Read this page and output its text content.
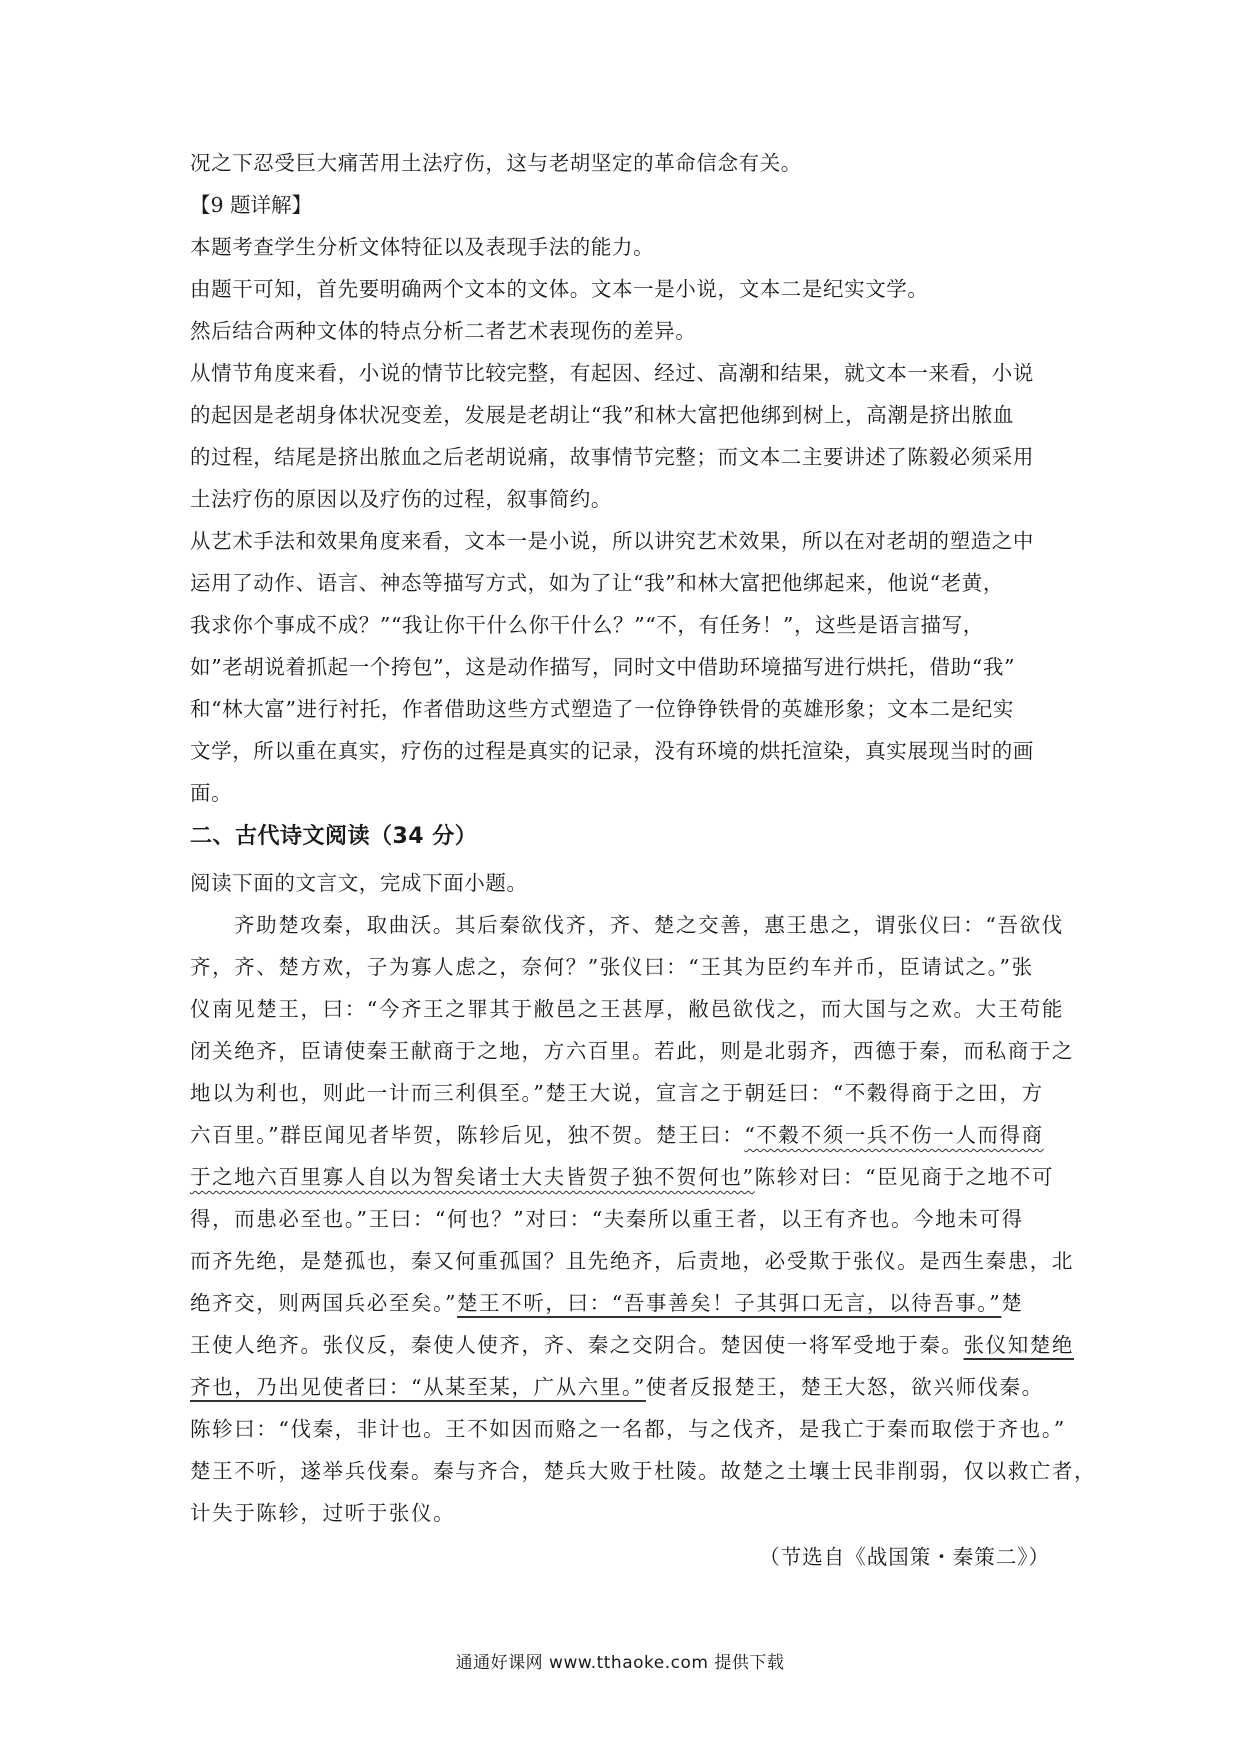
况之下忍受巨大痛苦用土法疗伤，这与老胡坚定的革命信念有关。
【9 题详解】
本题考查学生分析文体特征以及表现手法的能力。
由题干可知，首先要明确两个文本的文体。文本一是小说，文本二是纪实文学。
然后结合两种文体的特点分析二者艺术表现伤的差异。
从情节角度来看，小说的情节比较完整，有起因、经过、高潮和结果，就文本一来看，小说
的起因是老胡身体状况变差，发展是老胡让“我”和林大富把他绑到树上，高潮是挤出脓血
的过程，结尾是挤出脓血之后老胡说痛，故事情节完整；而文本二主要讲述了陈毅必须采用
土法疗伤的原因以及疗伤的过程，叙事简约。
从艺术手法和效果角度来看，文本一是小说，所以讲究艺术效果，所以在对老胡的塑造之中
运用了动作、语言、神态等描写方式，如为了让“我”和林大富把他绑起来，他说“老黄，
我求你个事成不成？”“我让你干什么你干什么？”“不，有任务！”，这些是语言描写，
如”老胡说着抓起一个挎包”，这是动作描写，同时文中借助环境描写进行烘托，借助“我”
和“林大富”进行衬托，作者借助这些方式塑造了一位铮铮铁骨的英雄形象；文本二是纪实
文学，所以重在真实，疗伤的过程是真实的记录，没有环境的烘托渲染，真实展现当时的画
面。
二、古代诗文阅读（34 分）
阅读下面的文言文，完成下面小题。
齐助楚攻秦，取曲沃。其后秦欲伐齐，齐、楚之交善，惠王患之，谓张仪曰：“吾欲伐
齐，齐、楚方欢，子为寡人虑之，奈何？”张仪曰：“王其为臣约车并币，臣请试之。”张
仪南见楚王，曰：“今齐王之罪其于敝邑之王甚厚，敝邑欲伐之，而大国与之欢。大王苟能
闭关绝齐，臣请使秦王献商于之地，方六百里。若此，则是北弱齐，西德于秦，而私商于之
地以为利也，则此一计而三利俱至。”楚王大说，宣言之于朝廷曰：“不穀得商于之田，方
六百里。”群臣闻见者毕贺，陈轸后见，独不贺。楚王曰：“不穀不须一兵不伤一人而得商
于之地六百里寡人自以为智矣诸士大夫皆贺子独不贺何也”陈轸对曰：“臣见商于之地不可
得，而患必至也。”王曰：“何也？”对曰：“夫秦所以重王者，以王有齐也。今地未可得
而齐先绝，是楚孤也，秦又何重孤国？且先绝齐，后责地，必受欺于张仪。是西生秦患，北
绝齐交，则两国兵必至矣。”楚王不听，曰：“吾事善矣！子其弭口无言，以待吾事。”楚
王使人绝齐。张仪反，秦使人使齐，齐、秦之交阴合。楚因使一将军受地于秦。张仪知楚绝
齐也，乃出见使者曰：“从某至某，广从六里。”使者反报楚王，楚王大怒，欲兴师伐秦。
陈轸曰：“伐秦，非计也。王不如因而赂之一名都，与之伐齐，是我亡于秦而取偿于齐也。”
楚王不听，遂举兵伐秦。秦与齐合，楚兵大败于杜陵。故楚之土壤士民非削弱，仅以救亡者，
计失于陈轸，过听于张仪。
（节选自《战国策・秦策二》）
通通好课网 www.tthaoke.com 提供下载
